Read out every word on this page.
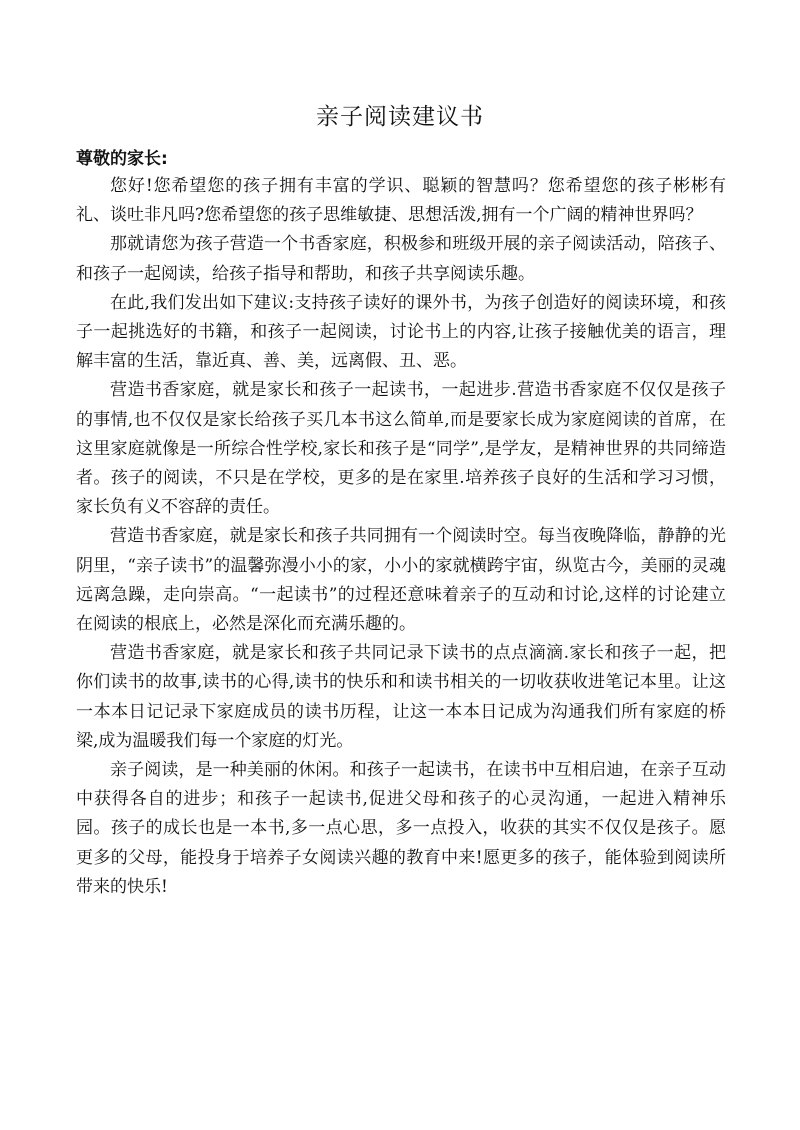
亲子阅读建议书

尊敬的家长:

您好!您希望您的孩子拥有丰富的学识、聪颖的智慧吗？您希望您的孩子彬彬有礼、谈吐非凡吗?您希望您的孩子思维敏捷、思想活泼,拥有一个广阔的精神世界吗？

那就请您为孩子营造一个书香家庭，积极参和班级开展的亲子阅读活动，陪孩子、和孩子一起阅读，给孩子指导和帮助，和孩子共享阅读乐趣。

在此,我们发出如下建议:支持孩子读好的课外书，为孩子创造好的阅读环境，和孩子一起挑选好的书籍，和孩子一起阅读，讨论书上的内容,让孩子接触优美的语言，理解丰富的生活，靠近真、善、美，远离假、丑、恶。

营造书香家庭，就是家长和孩子一起读书，一起进步.营造书香家庭不仅仅是孩子的事情,也不仅仅是家长给孩子买几本书这么简单,而是要家长成为家庭阅读的首席，在这里家庭就像是一所综合性学校,家长和孩子是“同学”,是学友，是精神世界的共同缔造者。孩子的阅读，不只是在学校，更多的是在家里.培养孩子良好的生活和学习习惯，家长负有义不容辞的责任。

营造书香家庭，就是家长和孩子共同拥有一个阅读时空。每当夜晚降临，静静的光阴里，“亲子读书”的温馨弥漫小小的家，小小的家就横跨宇宙，纵览古今，美丽的灵魂远离急躁，走向崇高。“一起读书”的过程还意味着亲子的互动和讨论,这样的讨论建立在阅读的根底上，必然是深化而充满乐趣的。

营造书香家庭，就是家长和孩子共同记录下读书的点点滴滴.家长和孩子一起，把你们读书的故事,读书的心得,读书的快乐和和读书相关的一切收获收进笔记本里。让这一本本日记记录下家庭成员的读书历程，让这一本本日记成为沟通我们所有家庭的桥梁,成为温暖我们每一个家庭的灯光。

亲子阅读，是一种美丽的休闲。和孩子一起读书，在读书中互相启迪，在亲子互动中获得各自的进步；和孩子一起读书,促进父母和孩子的心灵沟通，一起进入精神乐园。孩子的成长也是一本书,多一点心思，多一点投入，收获的其实不仅仅是孩子。愿更多的父母，能投身于培养子女阅读兴趣的教育中来!愿更多的孩子，能体验到阅读所带来的快乐!
